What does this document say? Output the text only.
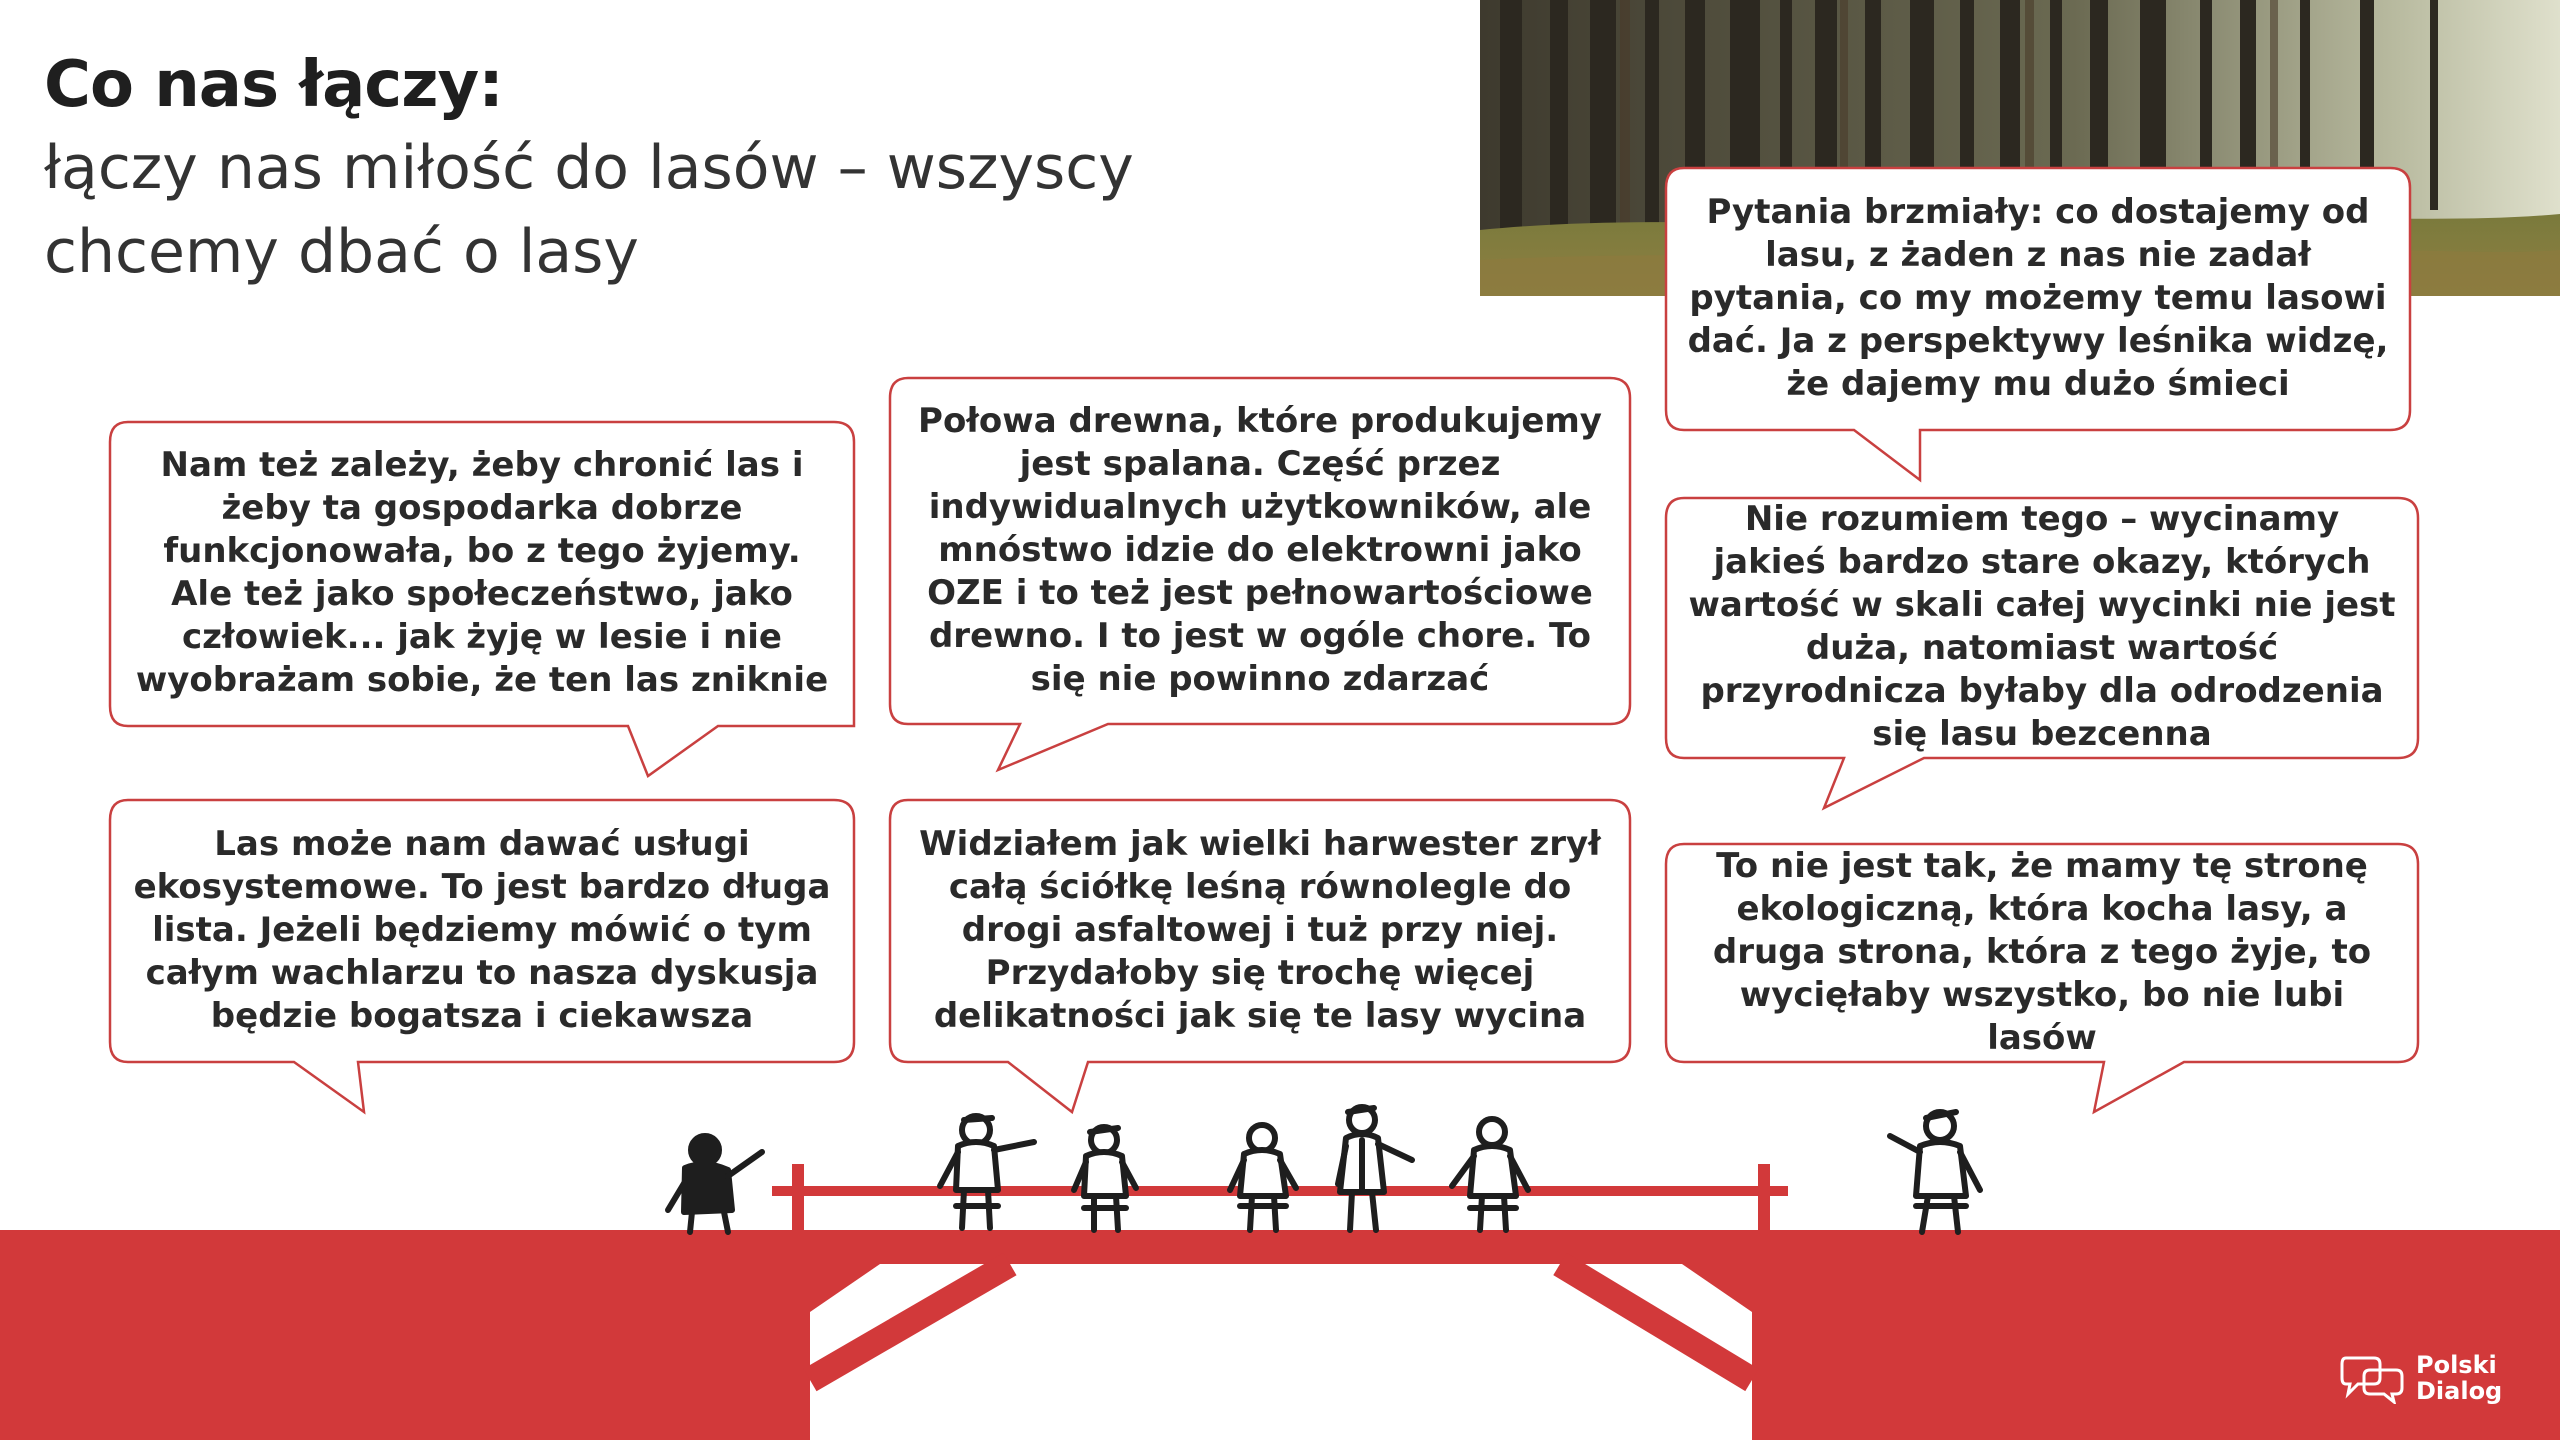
Co nas łączy:
łączy nas miłość do lasów – wszyscy chcemy dbać o lasy
Nam też zależy, żeby chronić las i żeby ta gospodarka dobrze funkcjonowała, bo z tego żyjemy. Ale też jako społeczeństwo, jako człowiek... jak żyję w lesie i nie wyobrażam sobie, że ten las zniknie
Las może nam dawać usługi ekosystemowe. To jest bardzo długa lista. Jeżeli będziemy mówić o tym całym wachlarzu to nasza dyskusja będzie bogatsza i ciekawsza
Połowa drewna, które produkujemy jest spalana. Część przez indywidualnych użytkowników, ale mnóstwo idzie do elektrowni jako OZE i to też jest pełnowartościowe drewno. I to jest w ogóle chore. To się nie powinno zdarzać
Widziałem jak wielki harwester zrył całą ściółkę leśną równolegle do drogi asfaltowej i tuż przy niej. Przydałoby się trochę więcej delikatności jak się te lasy wycina
Pytania brzmiały: co dostajemy od lasu, z żaden z nas nie zadał pytania, co my możemy temu lasowi dać. Ja z perspektywy leśnika widzę, że dajemy mu dużo śmieci
Nie rozumiem tego – wycinamy jakieś bardzo stare okazy, których wartość w skali całej wycinki nie jest duża, natomiast wartość przyrodnicza byłaby dla odrodzenia się lasu bezcenna
To nie jest tak, że mamy tę stronę ekologiczną, która kocha lasy, a druga strona, która z tego żyje, to wycięłaby wszystko, bo nie lubi lasów
Polski
Dialog
